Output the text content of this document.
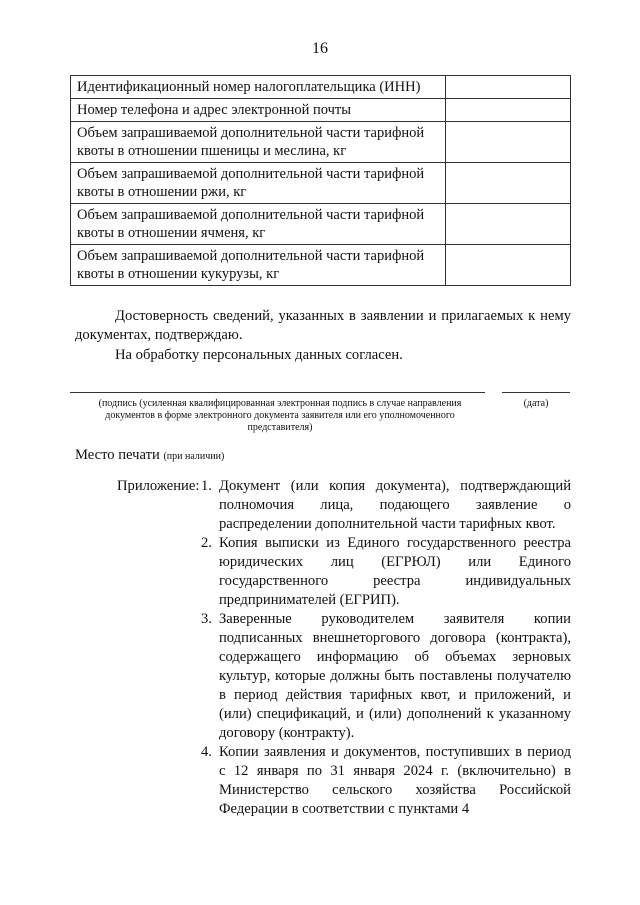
16
Идентификационный номер налогоплательщика (ИНН)	
Номер телефона и адрес электронной почты	
Объем запрашиваемой дополнительной части тарифной квоты в отношении пшеницы и меслина, кг	
Объем запрашиваемой дополнительной части тарифной квоты в отношении ржи, кг	
Объем запрашиваемой дополнительной части тарифной квоты в отношении ячменя, кг	
Объем запрашиваемой дополнительной части тарифной квоты в отношении кукурузы, кг	
Достоверность сведений, указанных в заявлении и прилагаемых к нему документах, подтверждаю.
На обработку персональных данных согласен.
(подпись (усиленная квалифицированная электронная подпись в случае направления документов в форме электронного документа заявителя или его уполномоченного представителя)
(дата)
Место печати (при наличии)
Приложение: 1. Документ (или копия документа), подтверждающий полномочия лица, подающего заявление о распределении дополнительной части тарифных квот.
2. Копия выписки из Единого государственного реестра юридических лиц (ЕГРЮЛ) или Единого государственного реестра индивидуальных предпринимателей (ЕГРИП).
3. Заверенные руководителем заявителя копии подписанных внешнеторгового договора (контракта), содержащего информацию об объемах зерновых культур, которые должны быть поставлены получателю в период действия тарифных квот, и приложений, и (или) спецификаций, и (или) дополнений к указанному договору (контракту).
4. Копии заявления и документов, поступивших в период с 12 января по 31 января 2024 г. (включительно) в Министерство сельского хозяйства Российской Федерации в соответствии с пунктами 4
